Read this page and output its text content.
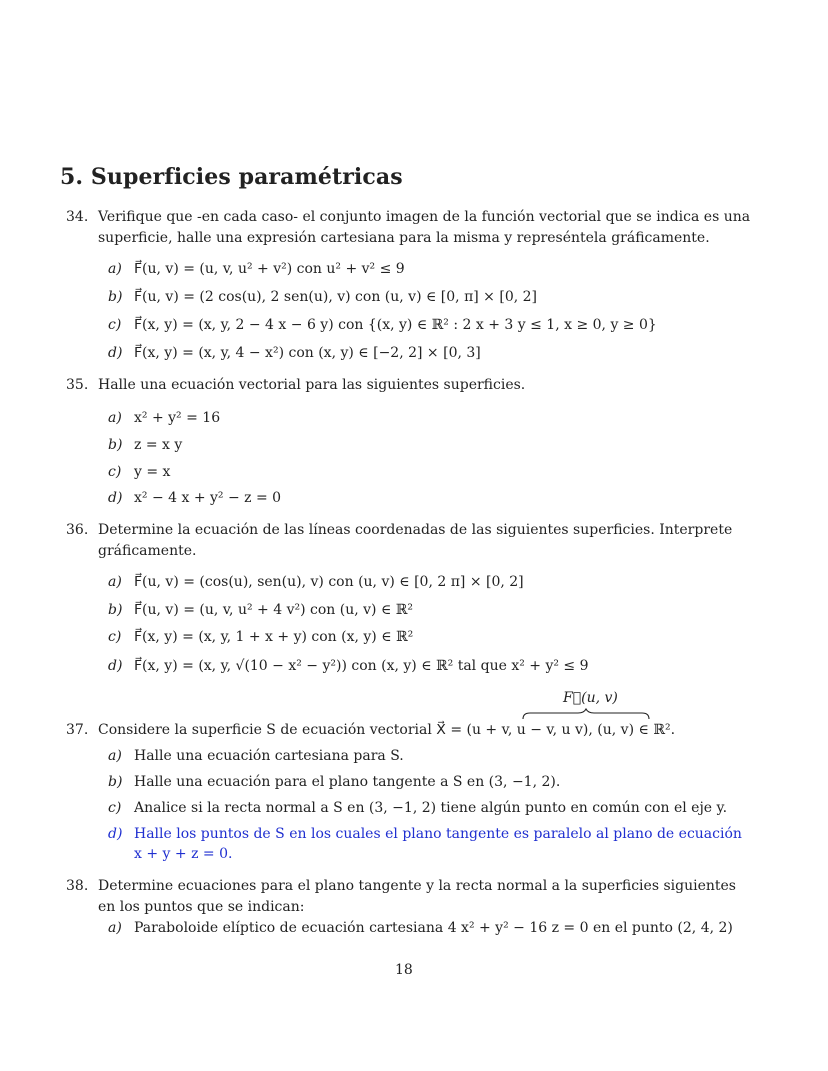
5. Superficies paramétricas
34. Verifique que -en cada caso- el conjunto imagen de la función vectorial que se indica es una superficie, halle una expresión cartesiana para la misma y represéntela gráficamente.
a) F⃗(u, v) = (u, v, u² + v²) con u² + v² ≤ 9
b) F⃗(u, v) = (2 cos(u), 2 sen(u), v) con (u, v) ∈ [0, π] × [0, 2]
c) F⃗(x, y) = (x, y, 2 − 4 x − 6 y) con {(x, y) ∈ ℝ² : 2 x + 3 y ≤ 1, x ≥ 0, y ≥ 0}
d) F⃗(x, y) = (x, y, 4 − x²) con (x, y) ∈ [−2, 2] × [0, 3]
35. Halle una ecuación vectorial para las siguientes superficies.
a) x² + y² = 16
b) z = x y
c) y = x
d) x² − 4 x + y² − z = 0
36. Determine la ecuación de las líneas coordenadas de las siguientes superficies. Interprete gráficamente.
a) F⃗(u, v) = (cos(u), sen(u), v) con (u, v) ∈ [0, 2 π] × [0, 2]
b) F⃗(u, v) = (u, v, u² + 4 v²) con (u, v) ∈ ℝ²
c) F⃗(x, y) = (x, y, 1 + x + y) con (x, y) ∈ ℝ²
d) F⃗(x, y) = (x, y, √(10 − x² − y²)) con (x, y) ∈ ℝ² tal que x² + y² ≤ 9
F⃗(u, v)
37. Considere la superficie S de ecuación vectorial X⃗ = (u + v, u − v, u v), (u, v) ∈ ℝ².
a) Halle una ecuación cartesiana para S.
b) Halle una ecuación para el plano tangente a S en (3, −1, 2).
c) Analice si la recta normal a S en (3, −1, 2) tiene algún punto en común con el eje y.
d) Halle los puntos de S en los cuales el plano tangente es paralelo al plano de ecuación x + y + z = 0.
38. Determine ecuaciones para el plano tangente y la recta normal a la superficies siguientes en los puntos que se indican:
a) Paraboloide elíptico de ecuación cartesiana 4 x² + y² − 16 z = 0 en el punto (2, 4, 2)
18
